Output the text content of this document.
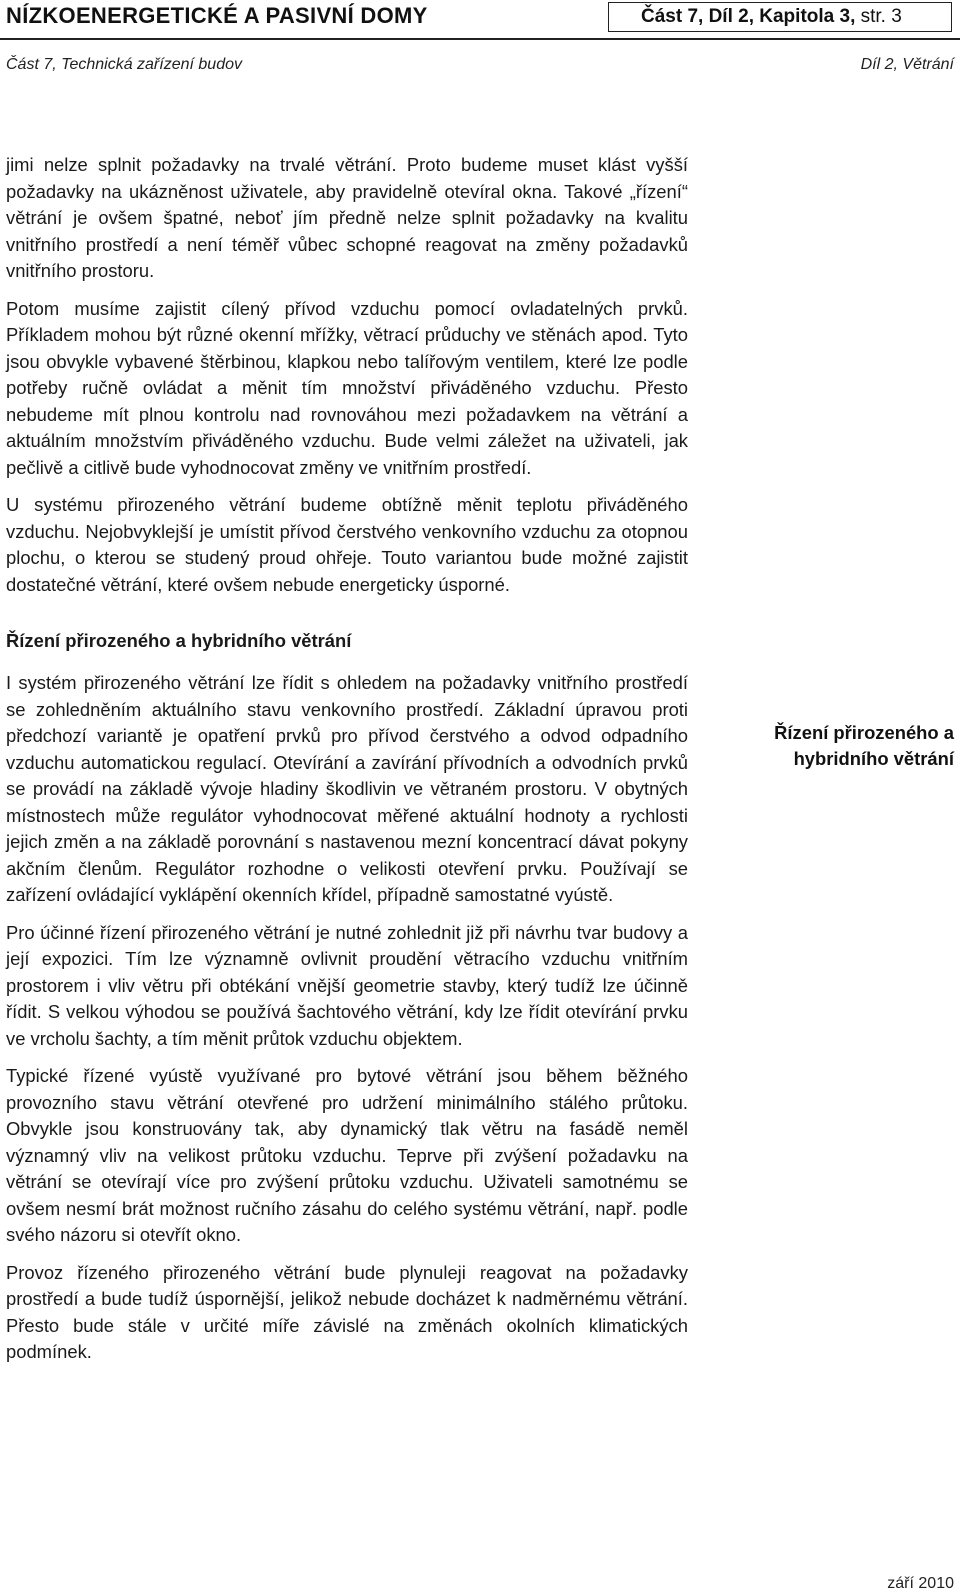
NÍZKOENERGETICKÉ A PASIVNÍ DOMY	Část 7, Díl 2, Kapitola 3, str. 3
Část 7, Technická zařízení budov	Díl 2, Větrání

jimi nelze splnit požadavky na trvalé větrání. Proto budeme muset klást vyšší požadavky na ukázněnost uživatele, aby pravidelně otevíral okna. Takové „řízení“ větrání je ovšem špatné, neboť jím předně nelze splnit požadavky na kvalitu vnitřního prostředí a není téměř vůbec schopné reagovat na změny požadavků vnitřního prostoru.

Potom musíme zajistit cílený přívod vzduchu pomocí ovladatelných prvků. Příkladem mohou být různé okenní mřížky, větrací průduchy ve stěnách apod. Tyto jsou obvykle vybavené štěrbinou, klapkou nebo talířovým ventilem, které lze podle potřeby ručně ovládat a měnit tím množství přiváděného vzduchu. Přesto nebudeme mít plnou kontrolu nad rovnováhou mezi požadavkem na větrání a aktuálním množstvím přiváděného vzduchu. Bude velmi záležet na uživateli, jak pečlivě a citlivě bude vyhodnocovat změny ve vnitřním prostředí.

U systému přirozeného větrání budeme obtížně měnit teplotu přiváděného vzduchu. Nejobvyklejší je umístit přívod čerstvého venkovního vzduchu za otopnou plochu, o kterou se studený proud ohřeje. Touto variantou bude možné zajistit dostatečné větrání, které ovšem nebude energeticky úsporné.

Řízení přirozeného a hybridního větrání

I systém přirozeného větrání lze řídit s ohledem na požadavky vnitřního prostředí se zohledněním aktuálního stavu venkovního prostředí. Základní úpravou proti předchozí variantě je opatření prvků pro přívod čerstvého a odvod odpadního vzduchu automatickou regulací. Otevírání a zavírání přívodních a odvodních prvků se provádí na základě vývoje hladiny škodlivin ve větraném prostoru. V obytných místnostech může regulátor vyhodnocovat měřené aktuální hodnoty a rychlosti jejich změn a na základě porovnání s nastavenou mezní koncentrací dávat pokyny akčním členům. Regulátor rozhodne o velikosti otevření prvku. Používají se zařízení ovládající vyklápění okenních křídel, případně samostatné vyústě.

Pro účinné řízení přirozeného větrání je nutné zohlednit již při návrhu tvar budovy a její expozici. Tím lze významně ovlivnit proudění větracího vzduchu vnitřním prostorem i vliv větru při obtékání vnější geometrie stavby, který tudíž lze účinně řídit. S velkou výhodou se používá šachtového větrání, kdy lze řídit otevírání prvku ve vrcholu šachty, a tím měnit průtok vzduchu objektem.

Typické řízené vyústě využívané pro bytové větrání jsou během běžného provozního stavu větrání otevřené pro udržení minimálního stálého průtoku. Obvykle jsou konstruovány tak, aby dynamický tlak větru na fasádě neměl významný vliv na velikost průtoku vzduchu. Teprve při zvýšení požadavku na větrání se otevírají více pro zvýšení průtoku vzduchu. Uživateli samotnému se ovšem nesmí brát možnost ručního zásahu do celého systému větrání, např. podle svého názoru si otevřít okno.

Provoz řízeného přirozeného větrání bude plynuleji reagovat na požadavky prostředí a bude tudíž úspornější, jelikož nebude docházet k nadměrnému větrání. Přesto bude stále v určité míře závislé na změnách okolních klimatických podmínek.

Řízení přirozeného a hybridního větrání
září 2010
